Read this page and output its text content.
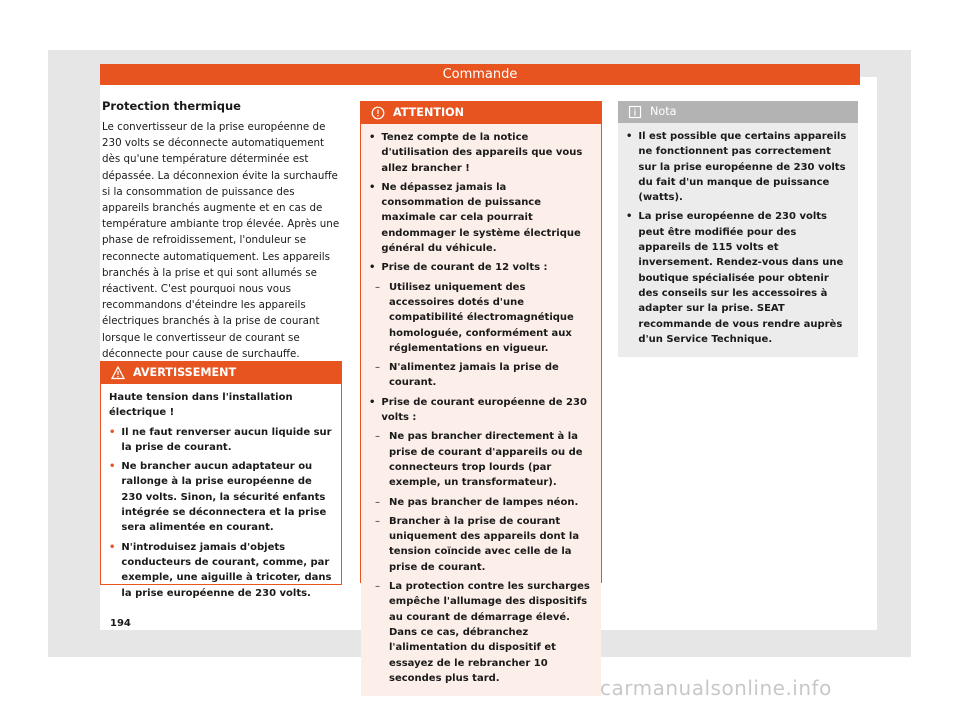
Commande
Protection thermique
Le convertisseur de la prise européenne de 230 volts se déconnecte automatiquement dès qu'une température déterminée est dépassée. La déconnexion évite la surchauffe si la consommation de puissance des appareils branchés augmente et en cas de température ambiante trop élevée. Après une phase de refroidissement, l'onduleur se reconnecte automatiquement. Les appareils branchés à la prise et qui sont allumés se réactivent. C'est pourquoi nous vous recommandons d'éteindre les appareils électriques branchés à la prise de courant lorsque le convertisseur de courant se déconnecte pour cause de surchauffe.
AVERTISSEMENT

Haute tension dans l'installation électrique !

• Il ne faut renverser aucun liquide sur la prise de courant.
• Ne brancher aucun adaptateur ou rallonge à la prise européenne de 230 volts. Sinon, la sécurité enfants intégrée se déconnectera et la prise sera alimentée en courant.
• N'introduisez jamais d'objets conducteurs de courant, comme, par exemple, une aiguille à tricoter, dans la prise européenne de 230 volts.
ATTENTION
• Tenez compte de la notice d'utilisation des appareils que vous allez brancher !
• Ne dépassez jamais la consommation de puissance maximale car cela pourrait endommager le système électrique général du véhicule.
• Prise de courant de 12 volts :
– Utilisez uniquement des accessoires dotés d'une compatibilité électromagnétique homologuée, conformément aux réglementations en vigueur.
– N'alimentez jamais la prise de courant.
• Prise de courant européenne de 230 volts :
– Ne pas brancher directement à la prise de courant d'appareils ou de connecteurs trop lourds (par exemple, un transformateur).
– Ne pas brancher de lampes néon.
– Brancher à la prise de courant uniquement des appareils dont la tension coïncide avec celle de la prise de courant.
– La protection contre les surcharges empêche l'allumage des dispositifs au courant de démarrage élevé. Dans ce cas, débranchez l'alimentation du dispositif et essayez de le rebrancher 10 secondes plus tard.
Nota
• Il est possible que certains appareils ne fonctionnent pas correctement sur la prise européenne de 230 volts du fait d'un manque de puissance (watts).
• La prise européenne de 230 volts peut être modifiée pour des appareils de 115 volts et inversement. Rendez-vous dans une boutique spécialisée pour obtenir des conseils sur les accessoires à adapter sur la prise. SEAT recommande de vous rendre auprès d'un Service Technique.
194
carmanualsonline.info
